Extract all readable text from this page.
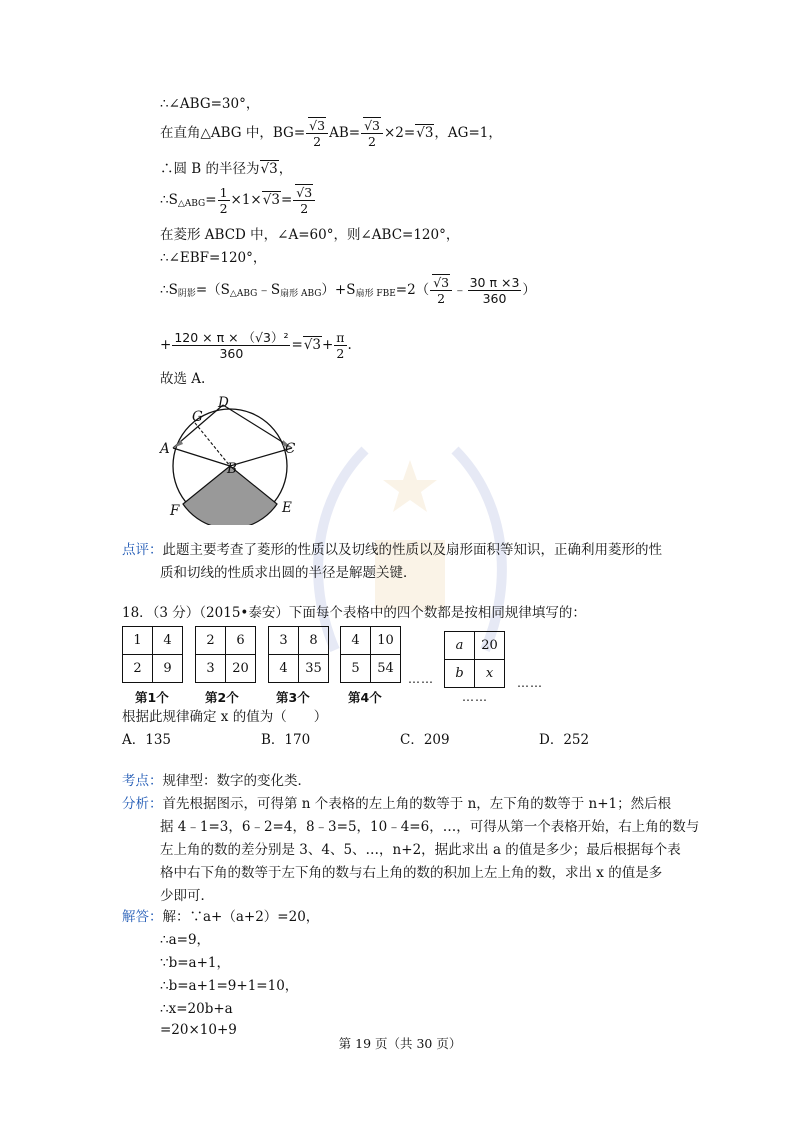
∴∠ABG=30°，
在直角△ABG 中，BG= √ $\frac{3}{2} AB=$ √ $\frac{3}{2} \times 2=$ √ 3，AG=1，
∴圆 B 的半径为 √ 3，
$\therefore S_{\triangle ABG}= \frac{1}{2} \times 1\times$ √ 3= √ $\frac{3}{2}$
在菱形 ABCD 中，∠A=60°，则∠ABC=120°，
∴∠EBF=120°，
$\therefore S_{阴影}=(S_{\triangle ABG}﹣S_{扇形 ABG})+S_{扇形 FBE}=2$（ √ $\frac{3}{2}$ ﹣ $\frac{30 \pi \times 3}{360}$ ）
+ $\frac{\text{120 × π × （√3）²}}{360}$ = √ $3+ \frac{\pi}{2}$ .
故选 A.
G
D
A	C
B
F	E
点评：此题主要考查了菱形的性质以及切线的性质以及扇形面积等知识，正确利用菱形的性
质和切线的性质求出圆的半径是解题关键．
18．（3 分）（2015•泰安）下面每个表格中的四个数都是按相同规律填写的：
1	4
2	9
第1个
2	6
3	20
第2个
3	8
4	35
第3个
4	10
5	54
第4个
……
a	20
b	x
……
……
根据此规律确定 x 的值为（　　）
A．135	B．170	C．209	D．252
考点：规律型：数字的变化类．
分析：首先根据图示，可得第 n 个表格的左上角的数等于 n，左下角的数等于 n+1；然后根
据 4﹣1=3，6﹣2=4，8﹣3=5，10﹣4=6，…，可得从第一个表格开始，右上角的数与
左上角的数的差分别是 3、4、5、…，n+2，据此求出 a 的值是多少；最后根据每个表
格中右下角的数等于左下角的数与右上角的数的积加上左上角的数，求出 x 的值是多
少即可．
解答：解：∵a+（a+2）=20，
∴a=9，
∵b=a+1，
∴b=a+1=9+1=10，
∴x=20b+a
=20×10+9
第 19 页（共 30 页）
